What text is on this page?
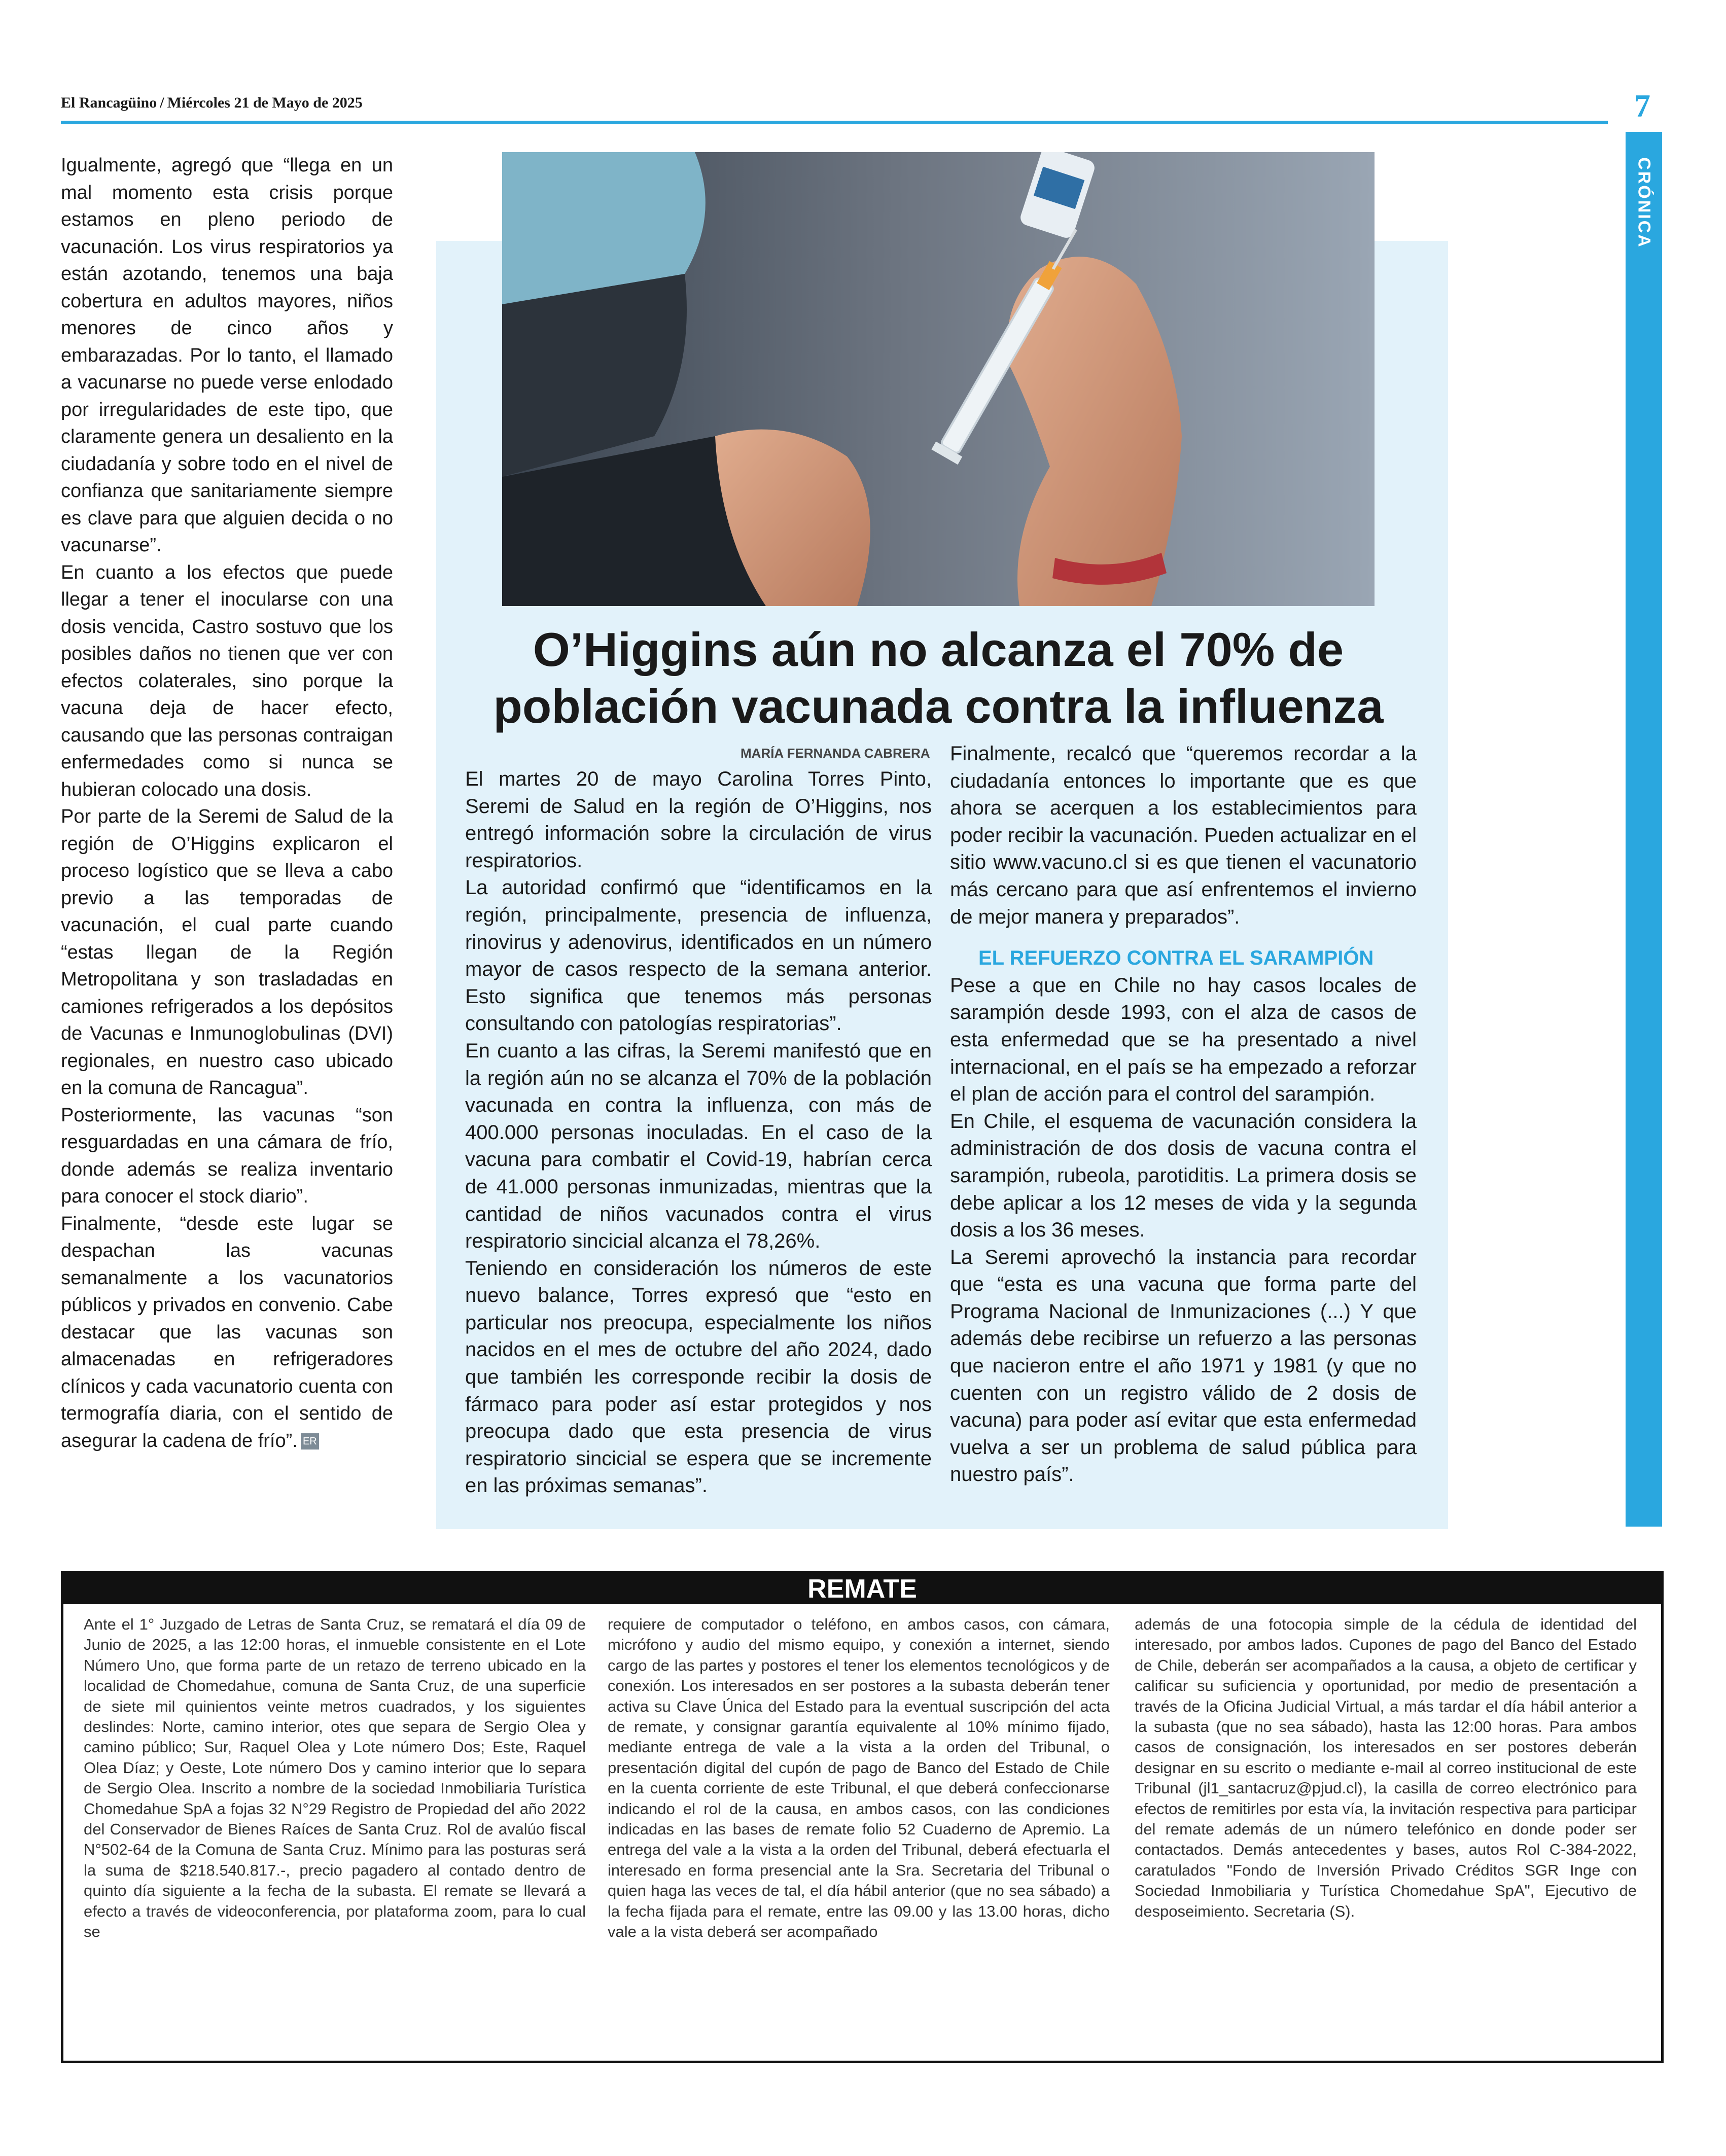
El Rancagüino / Miércoles 21 de Mayo de 2025	7
CRÓNICA

Igualmente, agregó que “llega en un mal momento esta crisis porque estamos en pleno periodo de vacunación. Los virus respiratorios ya están azotando, tenemos una baja cobertura en adultos mayores, niños menores de cinco años y embarazadas. Por lo tanto, el llamado a vacunarse no puede verse enlodado por irregularidades de este tipo, que claramente genera un desaliento en la ciudadanía y sobre todo en el nivel de confianza que sanitariamente siempre es clave para que alguien decida o no vacunarse”.

En cuanto a los efectos que puede llegar a tener el inocularse con una dosis vencida, Castro sostuvo que los posibles daños no tienen que ver con efectos colaterales, sino porque la vacuna deja de hacer efecto, causando que las personas contraigan enfermedades como si nunca se hubieran colocado una dosis.

Por parte de la Seremi de Salud de la región de O’Higgins explicaron el proceso logístico que se lleva a cabo previo a las temporadas de vacunación, el cual parte cuando “estas llegan de la Región Metropolitana y son trasladadas en camiones refrigerados a los depósitos de Vacunas e Inmunoglobulinas (DVI) regionales, en nuestro caso ubicado en la comuna de Rancagua”.

Posteriormente, las vacunas “son resguardadas en una cámara de frío, donde además se realiza inventario para conocer el stock diario”.

Finalmente, “desde este lugar se despachan las vacunas semanalmente a los vacunatorios públicos y privados en convenio. Cabe destacar que las vacunas son almacenadas en refrigeradores clínicos y cada vacunatorio cuenta con termografía diaria, con el sentido de asegurar la cadena de frío”. ER

O’Higgins aún no alcanza el 70% de población vacunada contra la influenza
MARÍA FERNANDA CABRERA

El martes 20 de mayo Carolina Torres Pinto, Seremi de Salud en la región de O’Higgins, nos entregó información sobre la circulación de virus respiratorios.

La autoridad confirmó que “identificamos en la región, principalmente, presencia de influenza, rinovirus y adenovirus, identificados en un número mayor de casos respecto de la semana anterior. Esto significa que tenemos más personas consultando con patologías respiratorias”.

En cuanto a las cifras, la Seremi manifestó que en la región aún no se alcanza el 70% de la población vacunada en contra la influenza, con más de 400.000 personas inoculadas. En el caso de la vacuna para combatir el Covid-19, habrían cerca de 41.000 personas inmunizadas, mientras que la cantidad de niños vacunados contra el virus respiratorio sincicial alcanza el 78,26%.

Teniendo en consideración los números de este nuevo balance, Torres expresó que “esto en particular nos preocupa, especialmente los niños nacidos en el mes de octubre del año 2024, dado que también les corresponde recibir la dosis de fármaco para poder así estar protegidos y nos preocupa dado que esta presencia de virus respiratorio sincicial se espera que se incremente en las próximas semanas”.

Finalmente, recalcó que “queremos recordar a la ciudadanía entonces lo importante que es que ahora se acerquen a los establecimientos para poder recibir la vacunación. Pueden actualizar en el sitio www.vacuno.cl si es que tienen el vacunatorio más cercano para que así enfrentemos el invierno de mejor manera y preparados”.

EL REFUERZO CONTRA EL SARAMPIÓN

Pese a que en Chile no hay casos locales de sarampión desde 1993, con el alza de casos de esta enfermedad que se ha presentado a nivel internacional, en el país se ha empezado a reforzar el plan de acción para el control del sarampión.

En Chile, el esquema de vacunación considera la administración de dos dosis de vacuna contra el sarampión, rubeola, parotiditis. La primera dosis se debe aplicar a los 12 meses de vida y la segunda dosis a los 36 meses.

La Seremi aprovechó la instancia para recordar que “esta es una vacuna que forma parte del Programa Nacional de Inmunizaciones (...) Y que además debe recibirse un refuerzo a las personas que nacieron entre el año 1971 y 1981 (y que no cuenten con un registro válido de 2 dosis de vacuna) para poder así evitar que esta enfermedad vuelva a ser un problema de salud pública para nuestro país”.

REMATE

Ante el 1° Juzgado de Letras de Santa Cruz, se rematará el día 09 de Junio de 2025, a las 12:00 horas, el inmueble consistente en el Lote Número Uno, que forma parte de un retazo de terreno ubicado en la localidad de Chomedahue, comuna de Santa Cruz, de una superficie de siete mil quinientos veinte metros cuadrados, y los siguientes deslindes: Norte, camino interior, otes que separa de Sergio Olea y camino público; Sur, Raquel Olea y Lote número Dos; Este, Raquel Olea Díaz; y Oeste, Lote número Dos y camino interior que lo separa de Sergio Olea. Inscrito a nombre de la sociedad Inmobiliaria Turística Chomedahue SpA a fojas 32 N°29 Registro de Propiedad del año 2022 del Conservador de Bienes Raíces de Santa Cruz. Rol de avalúo fiscal N°502-64 de la Comuna de Santa Cruz. Mínimo para las posturas será la suma de $218.540.817.-, precio pagadero al contado dentro de quinto día siguiente a la fecha de la subasta. El remate se llevará a efecto a través de videoconferencia, por plataforma zoom, para lo cual se

requiere de computador o teléfono, en ambos casos, con cámara, micrófono y audio del mismo equipo, y conexión a internet, siendo cargo de las partes y postores el tener los elementos tecnológicos y de conexión. Los interesados en ser postores a la subasta deberán tener activa su Clave Única del Estado para la eventual suscripción del acta de remate, y consignar garantía equivalente al 10% mínimo fijado, mediante entrega de vale a la vista a la orden del Tribunal, o presentación digital del cupón de pago de Banco del Estado de Chile en la cuenta corriente de este Tribunal, el que deberá confeccionarse indicando el rol de la causa, en ambos casos, con las condiciones indicadas en las bases de remate folio 52 Cuaderno de Apremio. La entrega del vale a la vista a la orden del Tribunal, deberá efectuarla el interesado en forma presencial ante la Sra. Secretaria del Tribunal o quien haga las veces de tal, el día hábil anterior (que no sea sábado) a la fecha fijada para el remate, entre las 09.00 y las 13.00 horas, dicho vale a la vista deberá ser acompañado

además de una fotocopia simple de la cédula de identidad del interesado, por ambos lados. Cupones de pago del Banco del Estado de Chile, deberán ser acompañados a la causa, a objeto de certificar y calificar su suficiencia y oportunidad, por medio de presentación a través de la Oficina Judicial Virtual, a más tardar el día hábil anterior a la subasta (que no sea sábado), hasta las 12:00 horas. Para ambos casos de consignación, los interesados en ser postores deberán designar en su escrito o mediante e-mail al correo institucional de este Tribunal (jl1_santacruz@pjud.cl), la casilla de correo electrónico para efectos de remitirles por esta vía, la invitación respectiva para participar del remate además de un número telefónico en donde poder ser contactados. Demás antecedentes y bases, autos Rol C-384-2022, caratulados "Fondo de Inversión Privado Créditos SGR Inge con Sociedad Inmobiliaria y Turística Chomedahue SpA", Ejecutivo de desposeimiento. Secretaria (S).
